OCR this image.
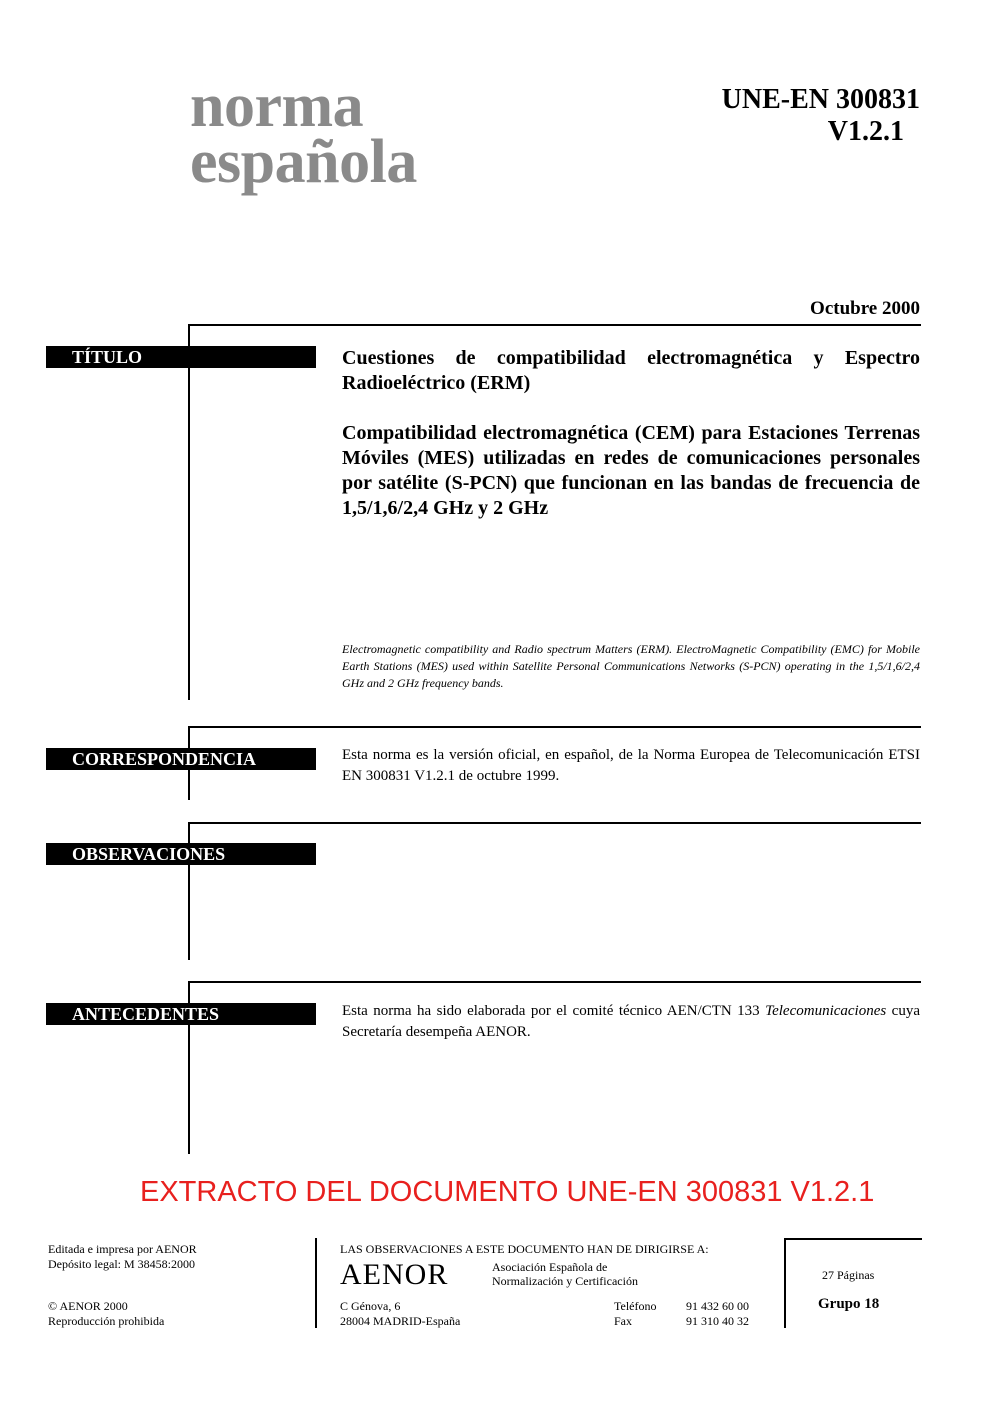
norma
española
UNE-EN 300831
V1.2.1
Octubre 2000
TÍTULO	Cuestiones de compatibilidad electromagnética y Espectro Radioeléctrico (ERM)

Compatibilidad electromagnética (CEM) para Estaciones Terrenas Móviles (MES) utilizadas en redes de comunicaciones personales por satélite (S-PCN) que funcionan en las bandas de frecuencia de 1,5/1,6/2,4 GHz y 2 GHz

Electromagnetic compatibility and Radio spectrum Matters (ERM). ElectroMagnetic Compatibility (EMC) for Mobile Earth Stations (MES) used within Satellite Personal Communications Networks (S-PCN) operating in the 1,5/1,6/2,4 GHz and 2 GHz frequency bands.
CORRESPONDENCIA	Esta norma es la versión oficial, en español, de la Norma Europea de Telecomunicación ETSI EN 300831 V1.2.1 de octubre 1999.
OBSERVACIONES
ANTECEDENTES	Esta norma ha sido elaborada por el comité técnico AEN/CTN 133 Telecomunicaciones cuya Secretaría desempeña AENOR.
EXTRACTO DEL DOCUMENTO UNE-EN 300831 V1.2.1
Editada e impresa por AENOR
Depósito legal: M 38458:2000
© AENOR 2000
Reproducción prohibida
LAS OBSERVACIONES A ESTE DOCUMENTO HAN DE DIRIGIRSE A:
AENOR	Asociación Española de
Normalización y Certificación
C Génova, 6
28004 MADRID-España
Teléfono 91 432 60 00
Fax	91 310 40 32
27 Páginas
Grupo 18
